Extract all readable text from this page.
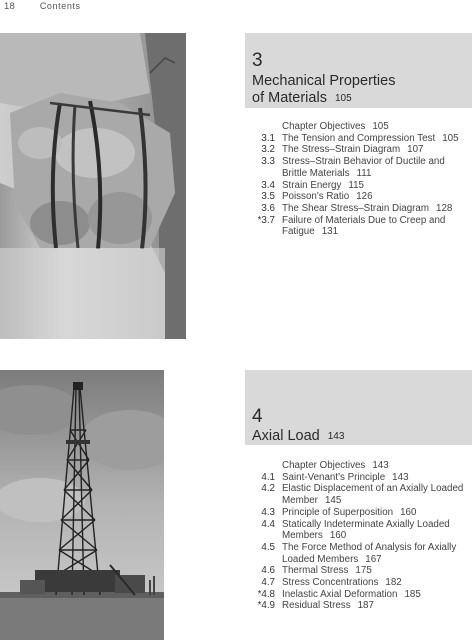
18	Contents
3
Mechanical Properties
of Materials 105
Chapter Objectives 105
3.1 The Tension and Compression Test 105
3.2 The Stress–Strain Diagram 107
3.3 Stress–Strain Behavior of Ductile and Brittle Materials 111
3.4 Strain Energy 115
3.5 Poisson's Ratio 126
3.6 The Shear Stress–Strain Diagram 128
*3.7 Failure of Materials Due to Creep and Fatigue 131
4
Axial Load 143
Chapter Objectives 143
4.1 Saint-Venant's Principle 143
4.2 Elastic Displacement of an Axially Loaded Member 145
4.3 Principle of Superposition 160
4.4 Statically Indeterminate Axially Loaded Members 160
4.5 The Force Method of Analysis for Axially Loaded Members 167
4.6 Thermal Stress 175
4.7 Stress Concentrations 182
*4.8 Inelastic Axial Deformation 185
*4.9 Residual Stress 187
